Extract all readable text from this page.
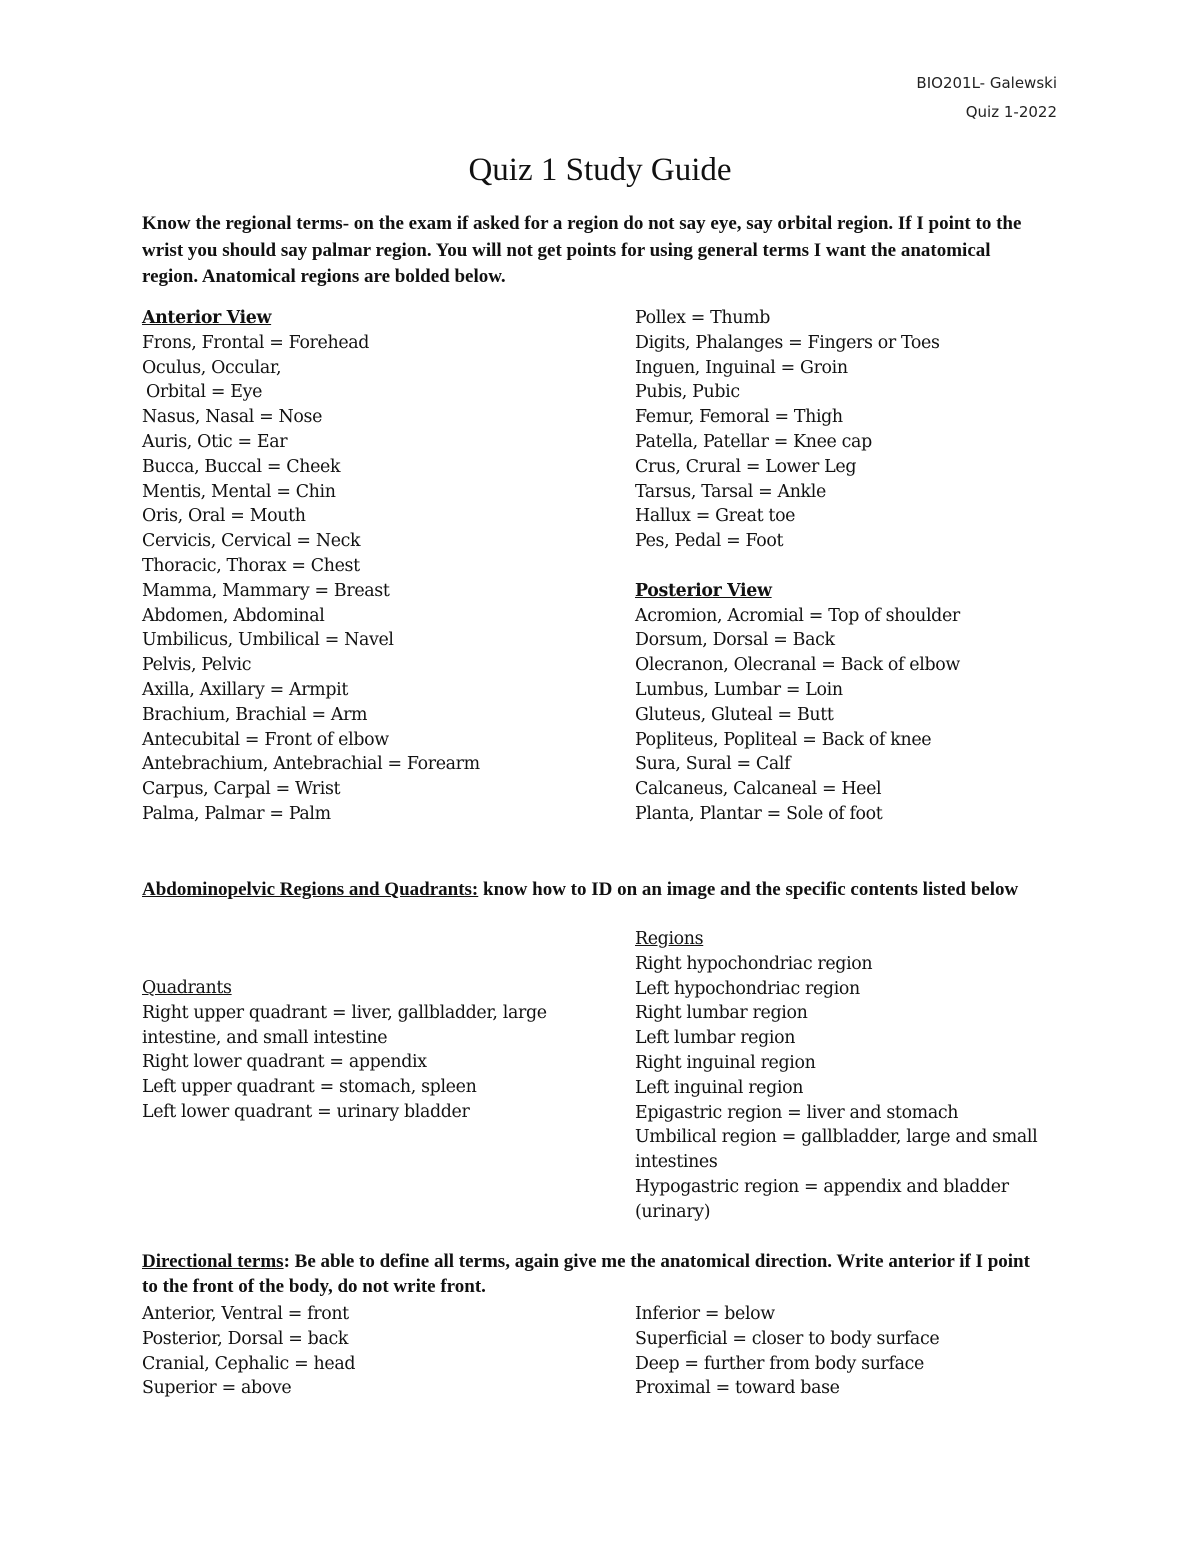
BIO201L- Galewski
Quiz 1-2022
Quiz 1 Study Guide
Know the regional terms- on the exam if asked for a region do not say eye, say orbital region. If I point to the wrist you should say palmar region. You will not get points for using general terms I want the anatomical region. Anatomical regions are bolded below.
Anterior View
Frons, Frontal = Forehead
Oculus, Occular,
Orbital = Eye
Nasus, Nasal = Nose
Auris, Otic = Ear
Bucca, Buccal = Cheek
Mentis, Mental = Chin
Oris, Oral = Mouth
Cervicis, Cervical = Neck
Thoracic, Thorax = Chest
Mamma, Mammary = Breast
Abdomen, Abdominal
Umbilicus, Umbilical = Navel
Pelvis, Pelvic
Axilla, Axillary = Armpit
Brachium, Brachial = Arm
Antecubital = Front of elbow
Antebrachium, Antebrachial = Forearm
Carpus, Carpal = Wrist
Palma, Palmar = Palm
Pollex = Thumb
Digits, Phalanges = Fingers or Toes
Inguen, Inguinal = Groin
Pubis, Pubic
Femur, Femoral = Thigh
Patella, Patellar = Knee cap
Crus, Crural = Lower Leg
Tarsus, Tarsal = Ankle
Hallux = Great toe
Pes, Pedal = Foot
Posterior View
Acromion, Acromial = Top of shoulder
Dorsum, Dorsal = Back
Olecranon, Olecranal = Back of elbow
Lumbus, Lumbar = Loin
Gluteus, Gluteal = Butt
Popliteus, Popliteal = Back of knee
Sura, Sural = Calf
Calcaneus, Calcaneal = Heel
Planta, Plantar = Sole of foot
Abdominopelvic Regions and Quadrants: know how to ID on an image and the specific contents listed below
Quadrants
Right upper quadrant = liver, gallbladder, large intestine, and small intestine
Right lower quadrant = appendix
Left upper quadrant = stomach, spleen
Left lower quadrant = urinary bladder
Regions
Right hypochondriac region
Left hypochondriac region
Right lumbar region
Left lumbar region
Right inguinal region
Left inguinal region
Epigastric region = liver and stomach
Umbilical region = gallbladder, large and small intestines
Hypogastric region = appendix and bladder (urinary)
Directional terms: Be able to define all terms, again give me the anatomical direction. Write anterior if I point to the front of the body, do not write front.
Anterior, Ventral = front
Posterior, Dorsal = back
Cranial, Cephalic = head
Superior = above
Inferior = below
Superficial = closer to body surface
Deep = further from body surface
Proximal = toward base
